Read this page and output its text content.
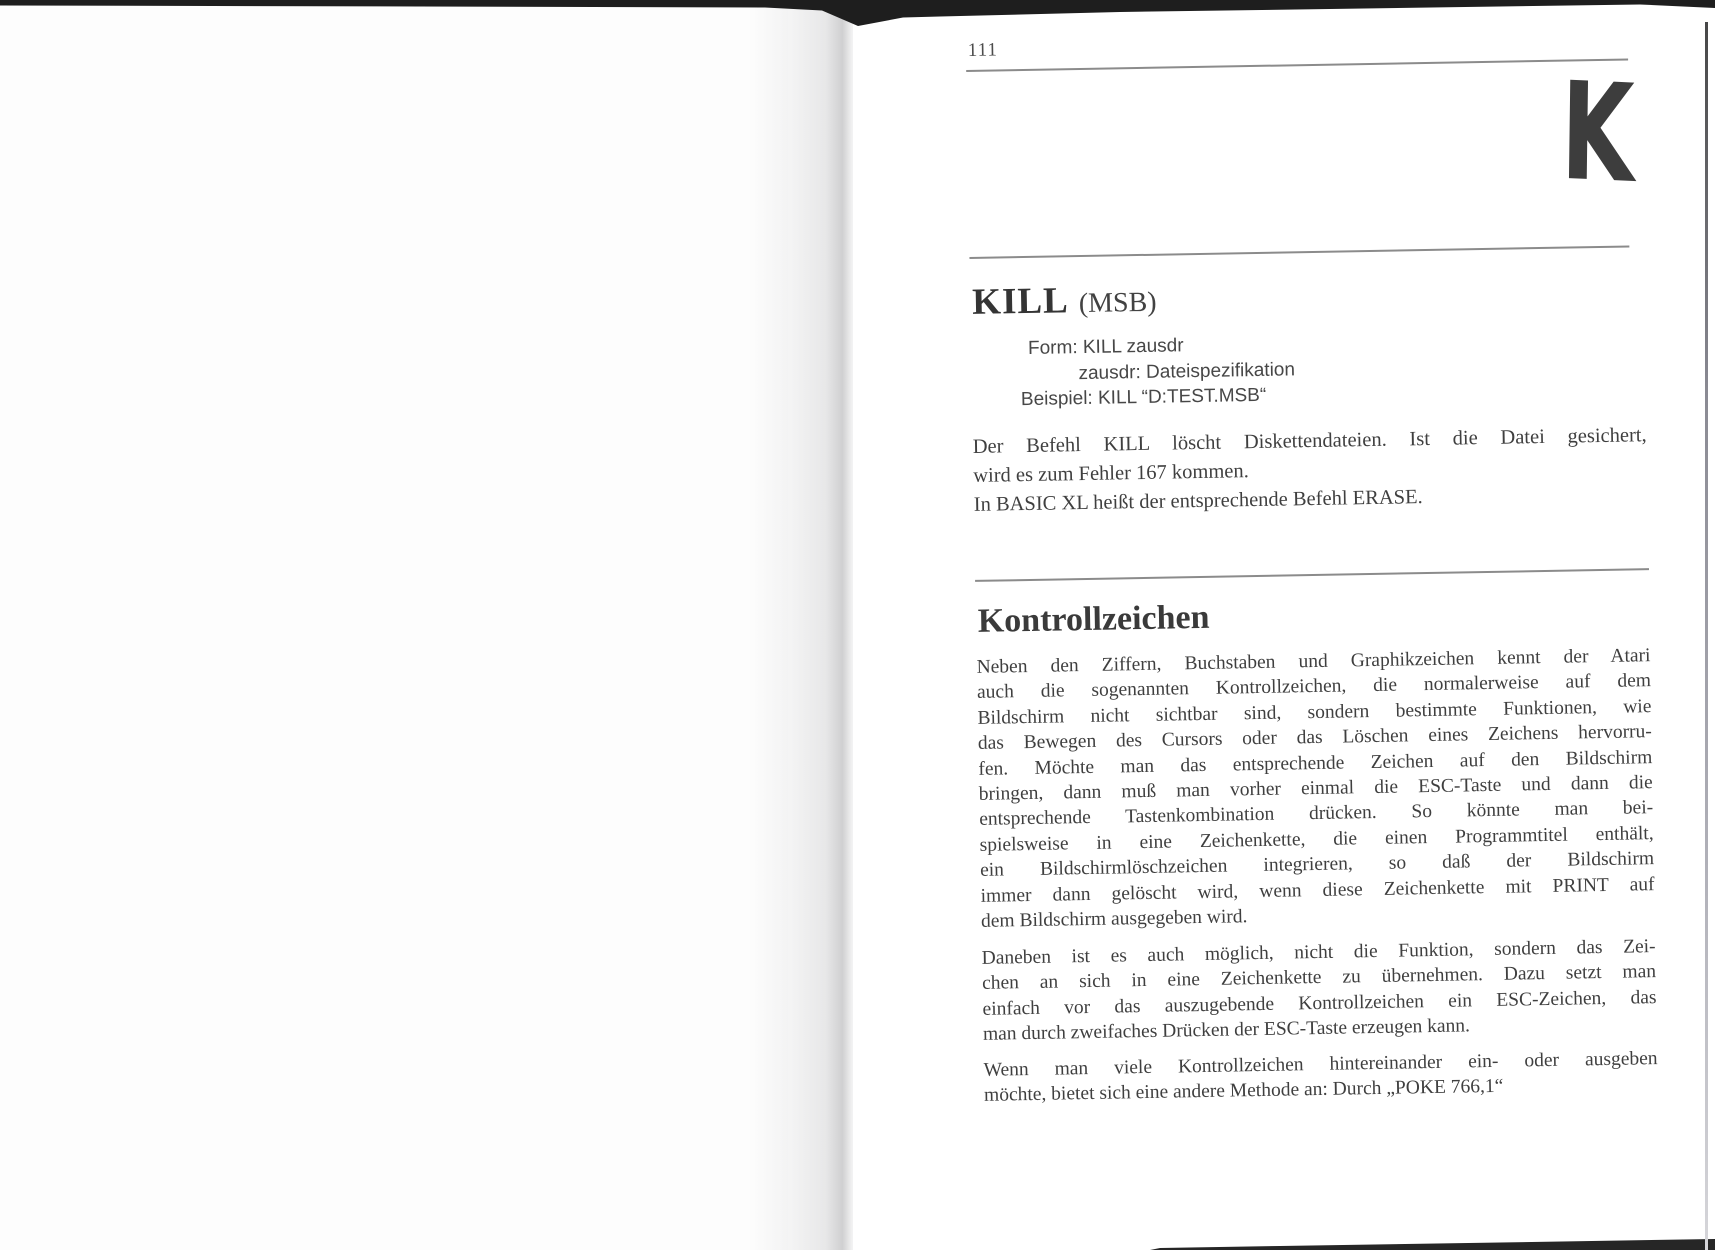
111
K
KILL (MSB)
Form: KILL zausdr
zausdr: Dateispezifikation
Beispiel: KILL “D:TEST.MSB“
Der Befehl KILL löscht Diskettendateien. Ist die Datei gesichert,
wird es zum Fehler 167 kommen.
In BASIC XL heißt der entsprechende Befehl ERASE.
Kontrollzeichen
Neben den Ziffern, Buchstaben und Graphikzeichen kennt der Atari
auch die sogenannten Kontrollzeichen, die normalerweise auf dem
Bildschirm nicht sichtbar sind, sondern bestimmte Funktionen, wie
das Bewegen des Cursors oder das Löschen eines Zeichens hervorru-
fen. Möchte man das entsprechende Zeichen auf den Bildschirm
bringen, dann muß man vorher einmal die ESC-Taste und dann die
entsprechende Tastenkombination drücken. So könnte man bei-
spielsweise in eine Zeichenkette, die einen Programmtitel enthält,
ein Bildschirmlöschzeichen integrieren, so daß der Bildschirm
immer dann gelöscht wird, wenn diese Zeichenkette mit PRINT auf
dem Bildschirm ausgegeben wird.
Daneben ist es auch möglich, nicht die Funktion, sondern das Zei-
chen an sich in eine Zeichenkette zu übernehmen. Dazu setzt man
einfach vor das auszugebende Kontrollzeichen ein ESC-Zeichen, das
man durch zweifaches Drücken der ESC-Taste erzeugen kann.
Wenn man viele Kontrollzeichen hintereinander ein- oder ausgeben
möchte, bietet sich eine andere Methode an: Durch „POKE 766,1“
